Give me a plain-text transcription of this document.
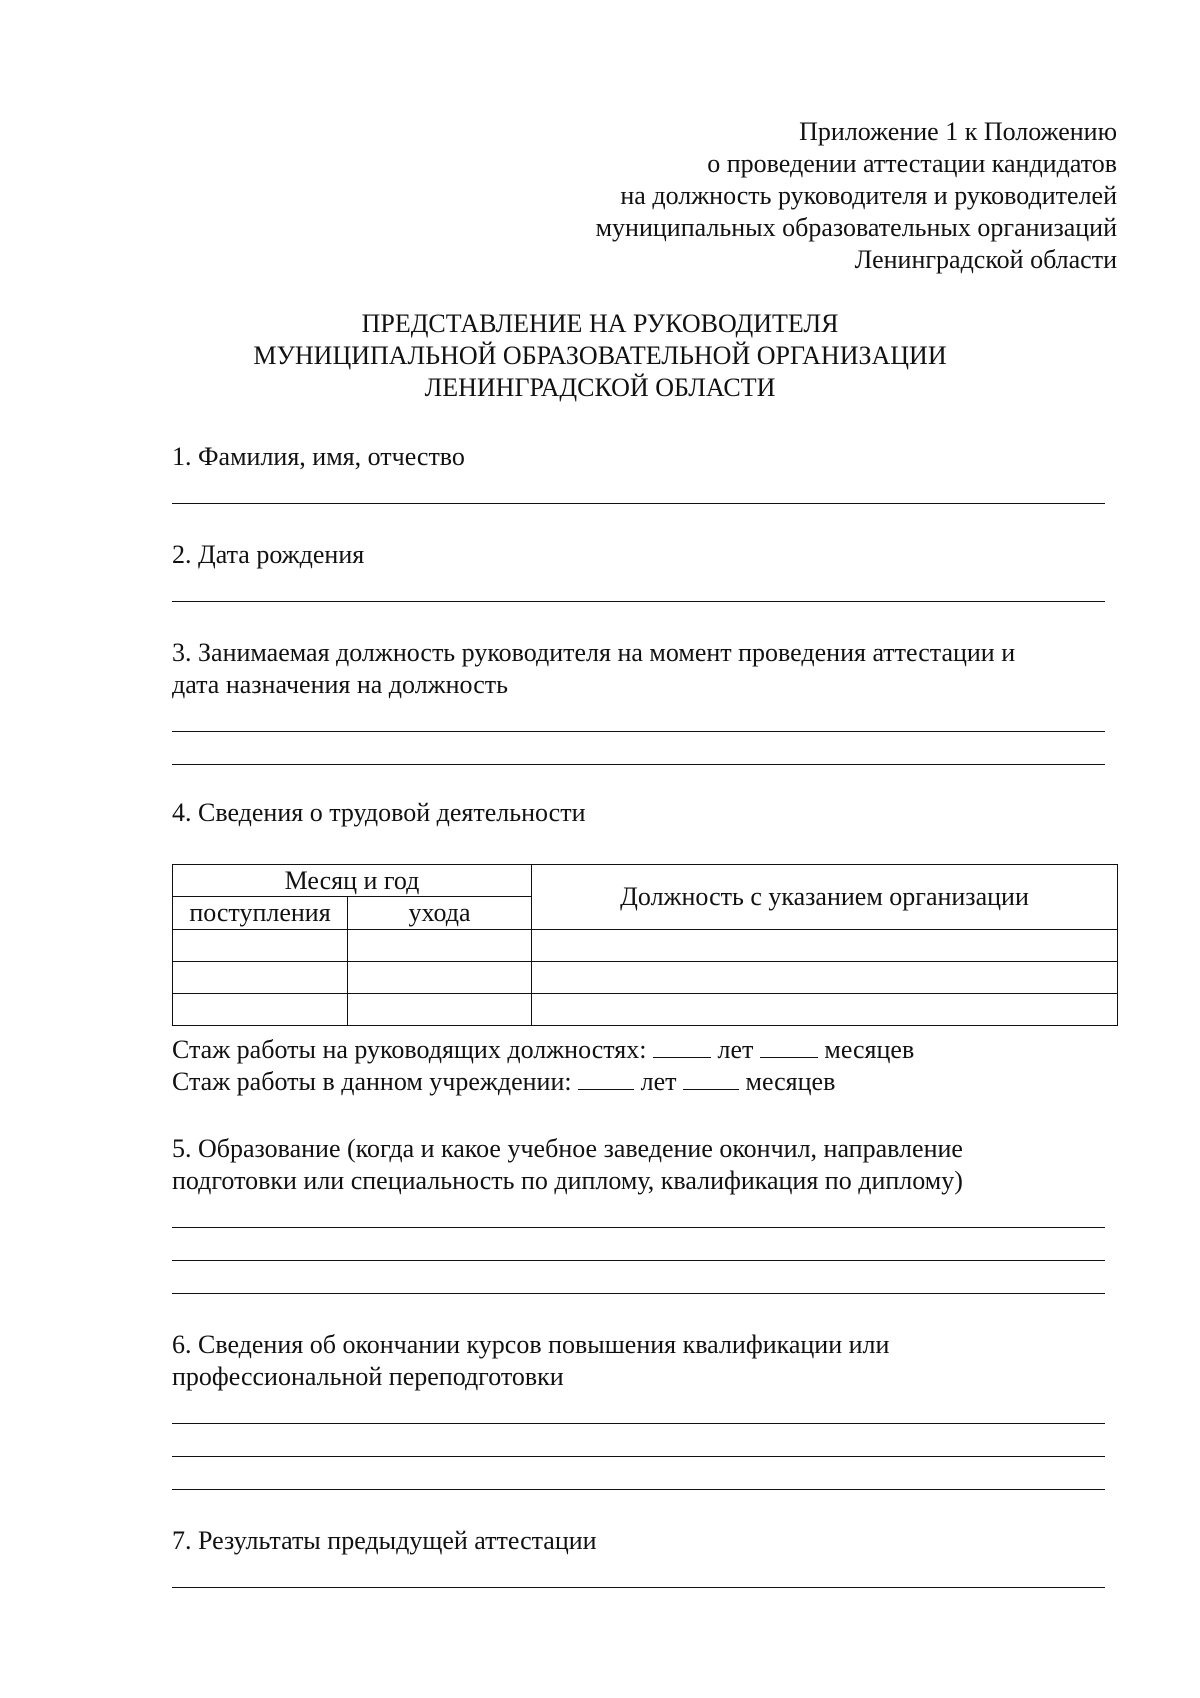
Приложение 1 к Положению
о проведении аттестации кандидатов
на должность руководителя и руководителей
муниципальных образовательных организаций
Ленинградской области
ПРЕДСТАВЛЕНИЕ НА РУКОВОДИТЕЛЯ
МУНИЦИПАЛЬНОЙ ОБРАЗОВАТЕЛЬНОЙ ОРГАНИЗАЦИИ
ЛЕНИНГРАДСКОЙ ОБЛАСТИ
1. Фамилия, имя, отчество
2. Дата рождения
3. Занимаемая должность руководителя на момент проведения аттестации и
дата назначения на должность
4. Сведения о трудовой деятельности
Месяц и год		Должность с указанием организации
поступления	ухода	

Стаж работы на руководящих должностях:	лет	месяцев
Стаж работы в данном учреждении:	лет	месяцев
5. Образование (когда и какое учебное заведение окончил, направление
подготовки или специальность по диплому, квалификация по диплому)
6. Сведения об окончании курсов повышения квалификации или
профессиональной переподготовки
7. Результаты предыдущей аттестации
